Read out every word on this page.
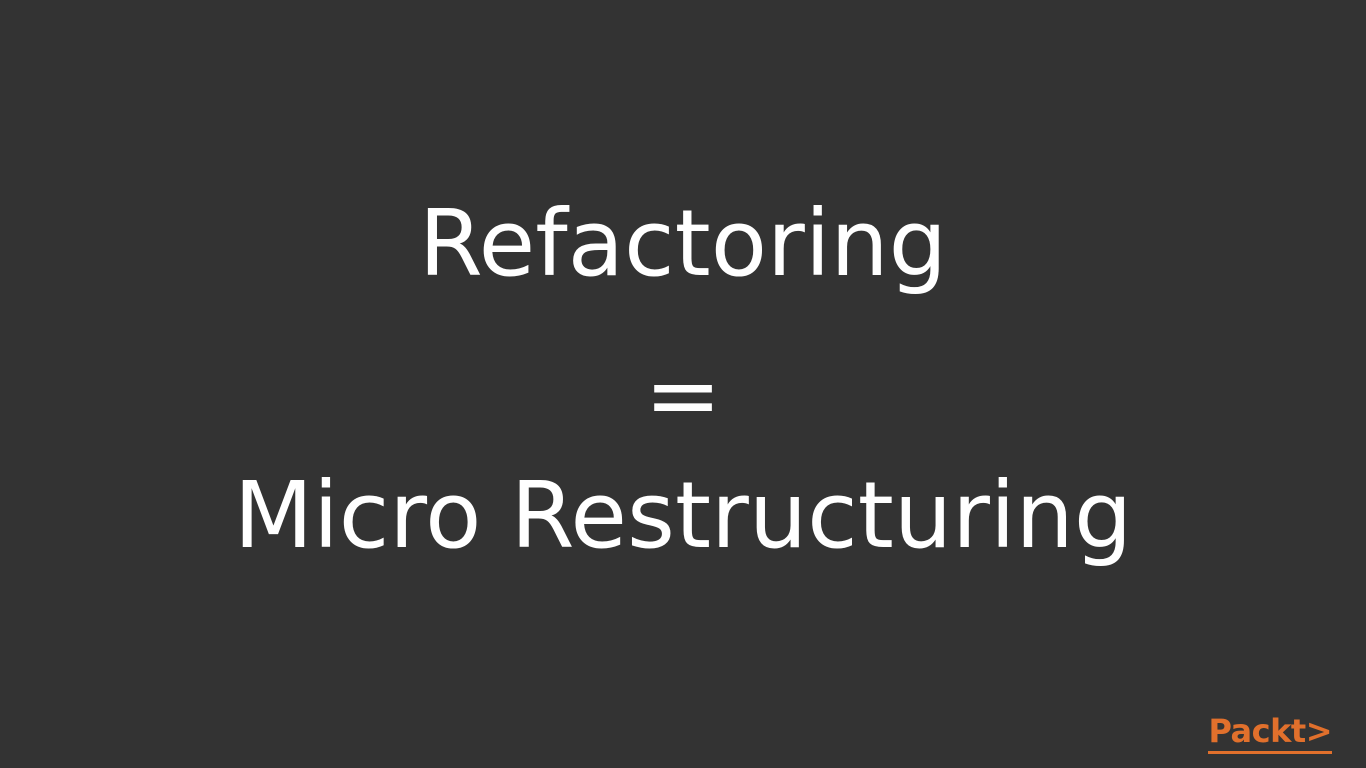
Refactoring
=
Micro Restructuring
Packt>
